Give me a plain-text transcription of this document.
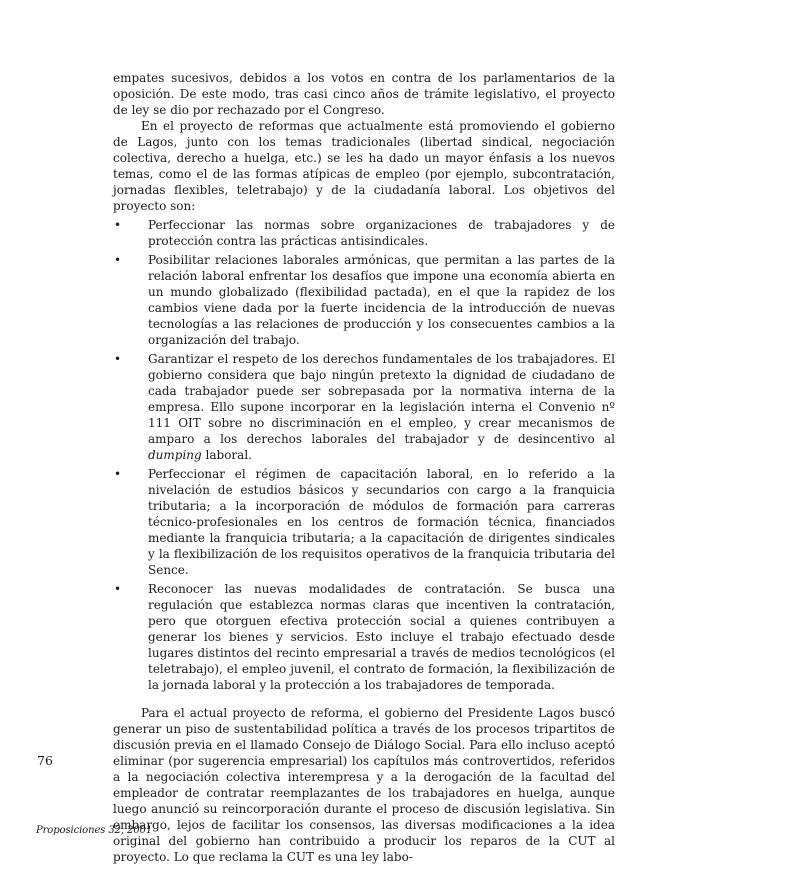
empates sucesivos, debidos a los votos en contra de los parlamentarios de la oposición. De este modo, tras casi cinco años de trámite legislativo, el proyecto de ley se dio por rechazado por el Congreso.

En el proyecto de reformas que actualmente está promoviendo el gobierno de Lagos, junto con los temas tradicionales (libertad sindical, negociación colectiva, derecho a huelga, etc.) se les ha dado un mayor énfasis a los nuevos temas, como el de las formas atípicas de empleo (por ejemplo, subcontratación, jornadas flexibles, teletrabajo) y de la ciudadanía laboral. Los objetivos del proyecto son:

• Perfeccionar las normas sobre organizaciones de trabajadores y de protección contra las prácticas antisindicales.
• Posibilitar relaciones laborales armónicas, que permitan a las partes de la relación laboral enfrentar los desafíos que impone una economía abierta en un mundo globalizado (flexibilidad pactada), en el que la rapidez de los cambios viene dada por la fuerte incidencia de la introducción de nuevas tecnologías a las relaciones de producción y los consecuentes cambios a la organización del trabajo.
• Garantizar el respeto de los derechos fundamentales de los trabajadores. El gobierno considera que bajo ningún pretexto la dignidad de ciudadano de cada trabajador puede ser sobrepasada por la normativa interna de la empresa. Ello supone incorporar en la legislación interna el Convenio nº 111 OIT sobre no discriminación en el empleo, y crear mecanismos de amparo a los derechos laborales del trabajador y de desincentivo al dumping laboral.
• Perfeccionar el régimen de capacitación laboral, en lo referido a la nivelación de estudios básicos y secundarios con cargo a la franquicia tributaria; a la incorporación de módulos de formación para carreras técnico-profesionales en los centros de formación técnica, financiados mediante la franquicia tributaria; a la capacitación de dirigentes sindicales y la flexibilización de los requisitos operativos de la franquicia tributaria del Sence.
• Reconocer las nuevas modalidades de contratación. Se busca una regulación que establezca normas claras que incentiven la contratación, pero que otorguen efectiva protección social a quienes contribuyen a generar los bienes y servicios. Esto incluye el trabajo efectuado desde lugares distintos del recinto empresarial a través de medios tecnológicos (el teletrabajo), el empleo juvenil, el contrato de formación, la flexibilización de la jornada laboral y la protección a los trabajadores de temporada.

Para el actual proyecto de reforma, el gobierno del Presidente Lagos buscó generar un piso de sustentabilidad política a través de los procesos tripartitos de discusión previa en el llamado Consejo de Diálogo Social. Para ello incluso aceptó eliminar (por sugerencia empresarial) los capítulos más controvertidos, referidos a la negociación colectiva interempresa y a la derogación de la facultad del empleador de contratar reemplazantes de los trabajadores en huelga, aunque luego anunció su reincorporación durante el proceso de discusión legislativa. Sin embargo, lejos de facilitar los consensos, las diversas modificaciones a la idea original del gobierno han contribuido a producir los reparos de la CUT al proyecto. Lo que reclama la CUT es una ley labo-

76
Proposiciones 32, 2001
